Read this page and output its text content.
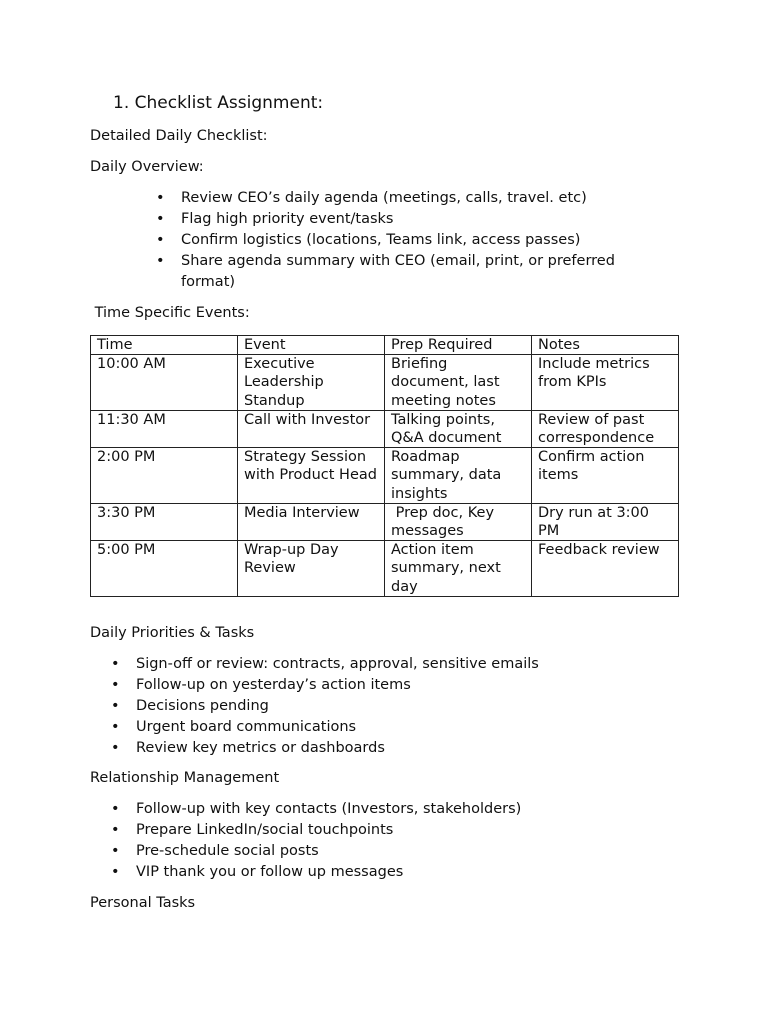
1. Checklist Assignment:
Detailed Daily Checklist:
Daily Overview:
• Review CEO’s daily agenda (meetings, calls, travel. etc)
• Flag high priority event/tasks
• Confirm logistics (locations, Teams link, access passes)
• Share agenda summary with CEO (email, print, or preferred format)
Time Specific Events:
Time	Event	Prep Required	Notes
10:00 AM	Executive Leadership Standup	Briefing document, last meeting notes	Include metrics from KPIs
11:30 AM	Call with Investor	Talking points, Q&A document	Review of past correspondence
2:00 PM	Strategy Session with Product Head	Roadmap summary, data insights	Confirm action items
3:30 PM	Media Interview	Prep doc, Key messages	Dry run at 3:00 PM
5:00 PM	Wrap-up Day Review	Action item summary, next day	Feedback review
Daily Priorities & Tasks
• Sign-off or review: contracts, approval, sensitive emails
• Follow-up on yesterday’s action items
• Decisions pending
• Urgent board communications
• Review key metrics or dashboards
Relationship Management
• Follow-up with key contacts (Investors, stakeholders)
• Prepare LinkedIn/social touchpoints
• Pre-schedule social posts
• VIP thank you or follow up messages
Personal Tasks
